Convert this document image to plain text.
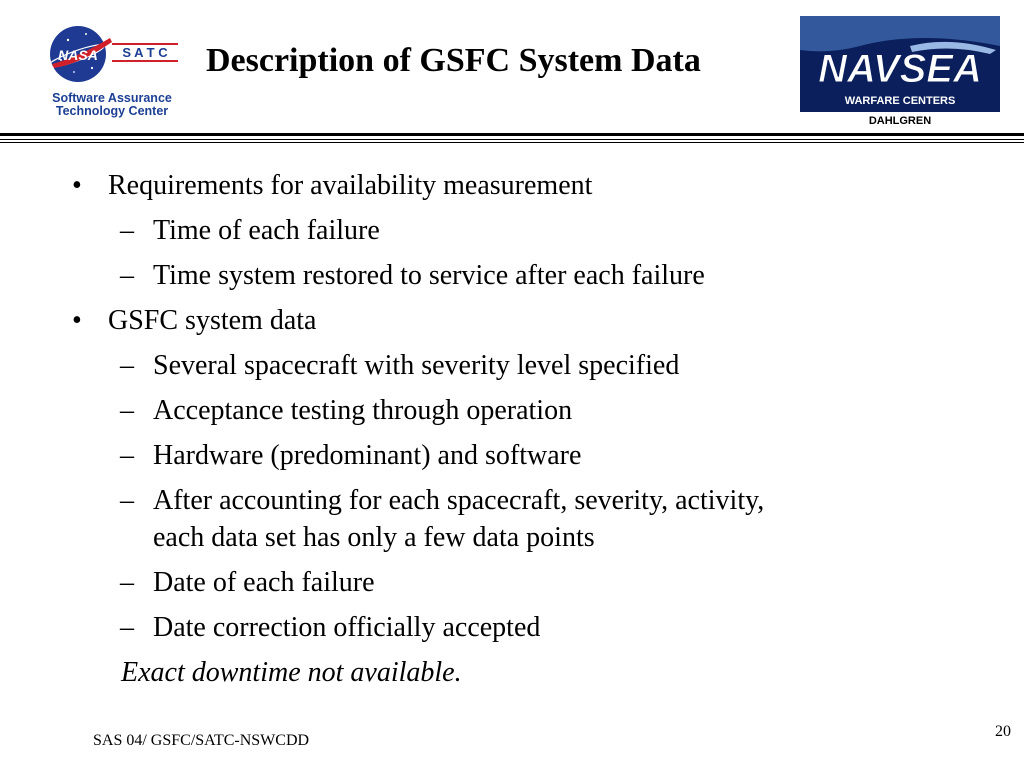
NASA S A T C
Software Assurance
Technology Center
Description of GSFC System Data	NAVSEA
WARFARE CENTERS
DAHLGREN
• Requirements for availability measurement
– Time of each failure
– Time system restored to service after each failure
• GSFC system data
– Several spacecraft with severity level specified
– Acceptance testing through operation
– Hardware (predominant) and software
– After accounting for each spacecraft, severity, activity,
each data set has only a few data points
– Date of each failure
– Date correction officially accepted
Exact downtime not available.
SAS 04/ GSFC/SATC-NSWCDD
20
